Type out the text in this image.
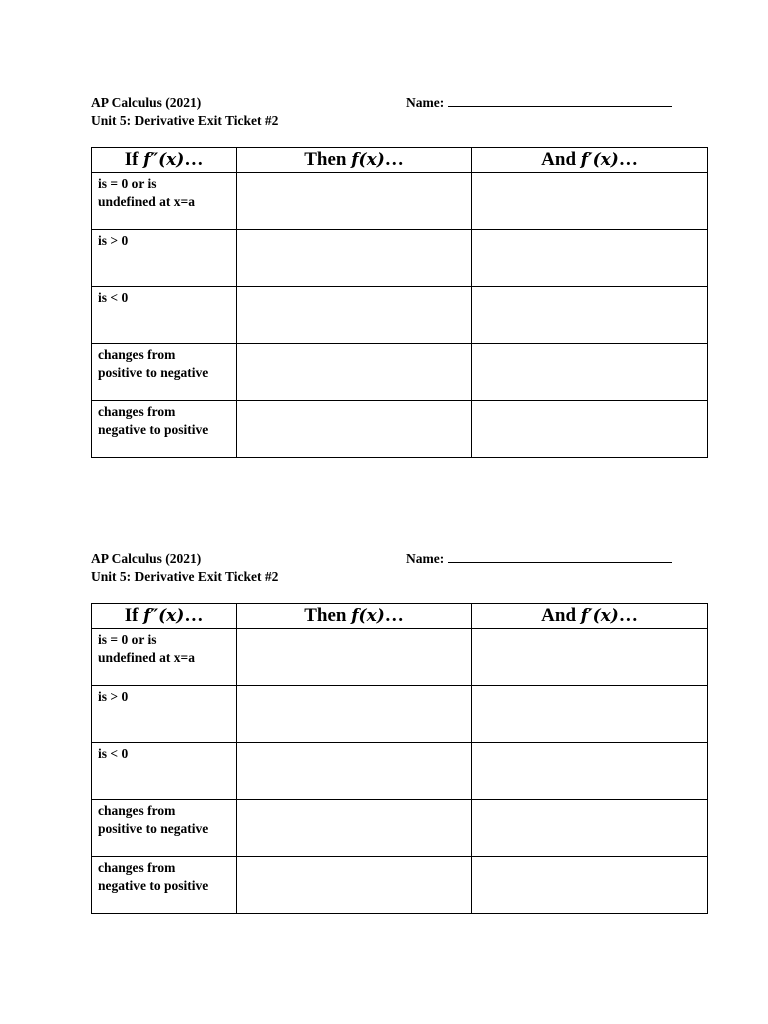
AP Calculus (2021)
Unit 5: Derivative Exit Ticket #2
Name:
If f″(x)…	Then f(x)…	And f′(x)…

is = 0 or is
undefined at x=a		

is > 0		

is < 0		

changes from
positive to negative		

changes from
negative to positive		

AP Calculus (2021)
Unit 5: Derivative Exit Ticket #2
Name:
If f″(x)…	Then f(x)…	And f′(x)…

is = 0 or is
undefined at x=a		

is > 0		

is < 0		

changes from
positive to negative		

changes from
negative to positive		
